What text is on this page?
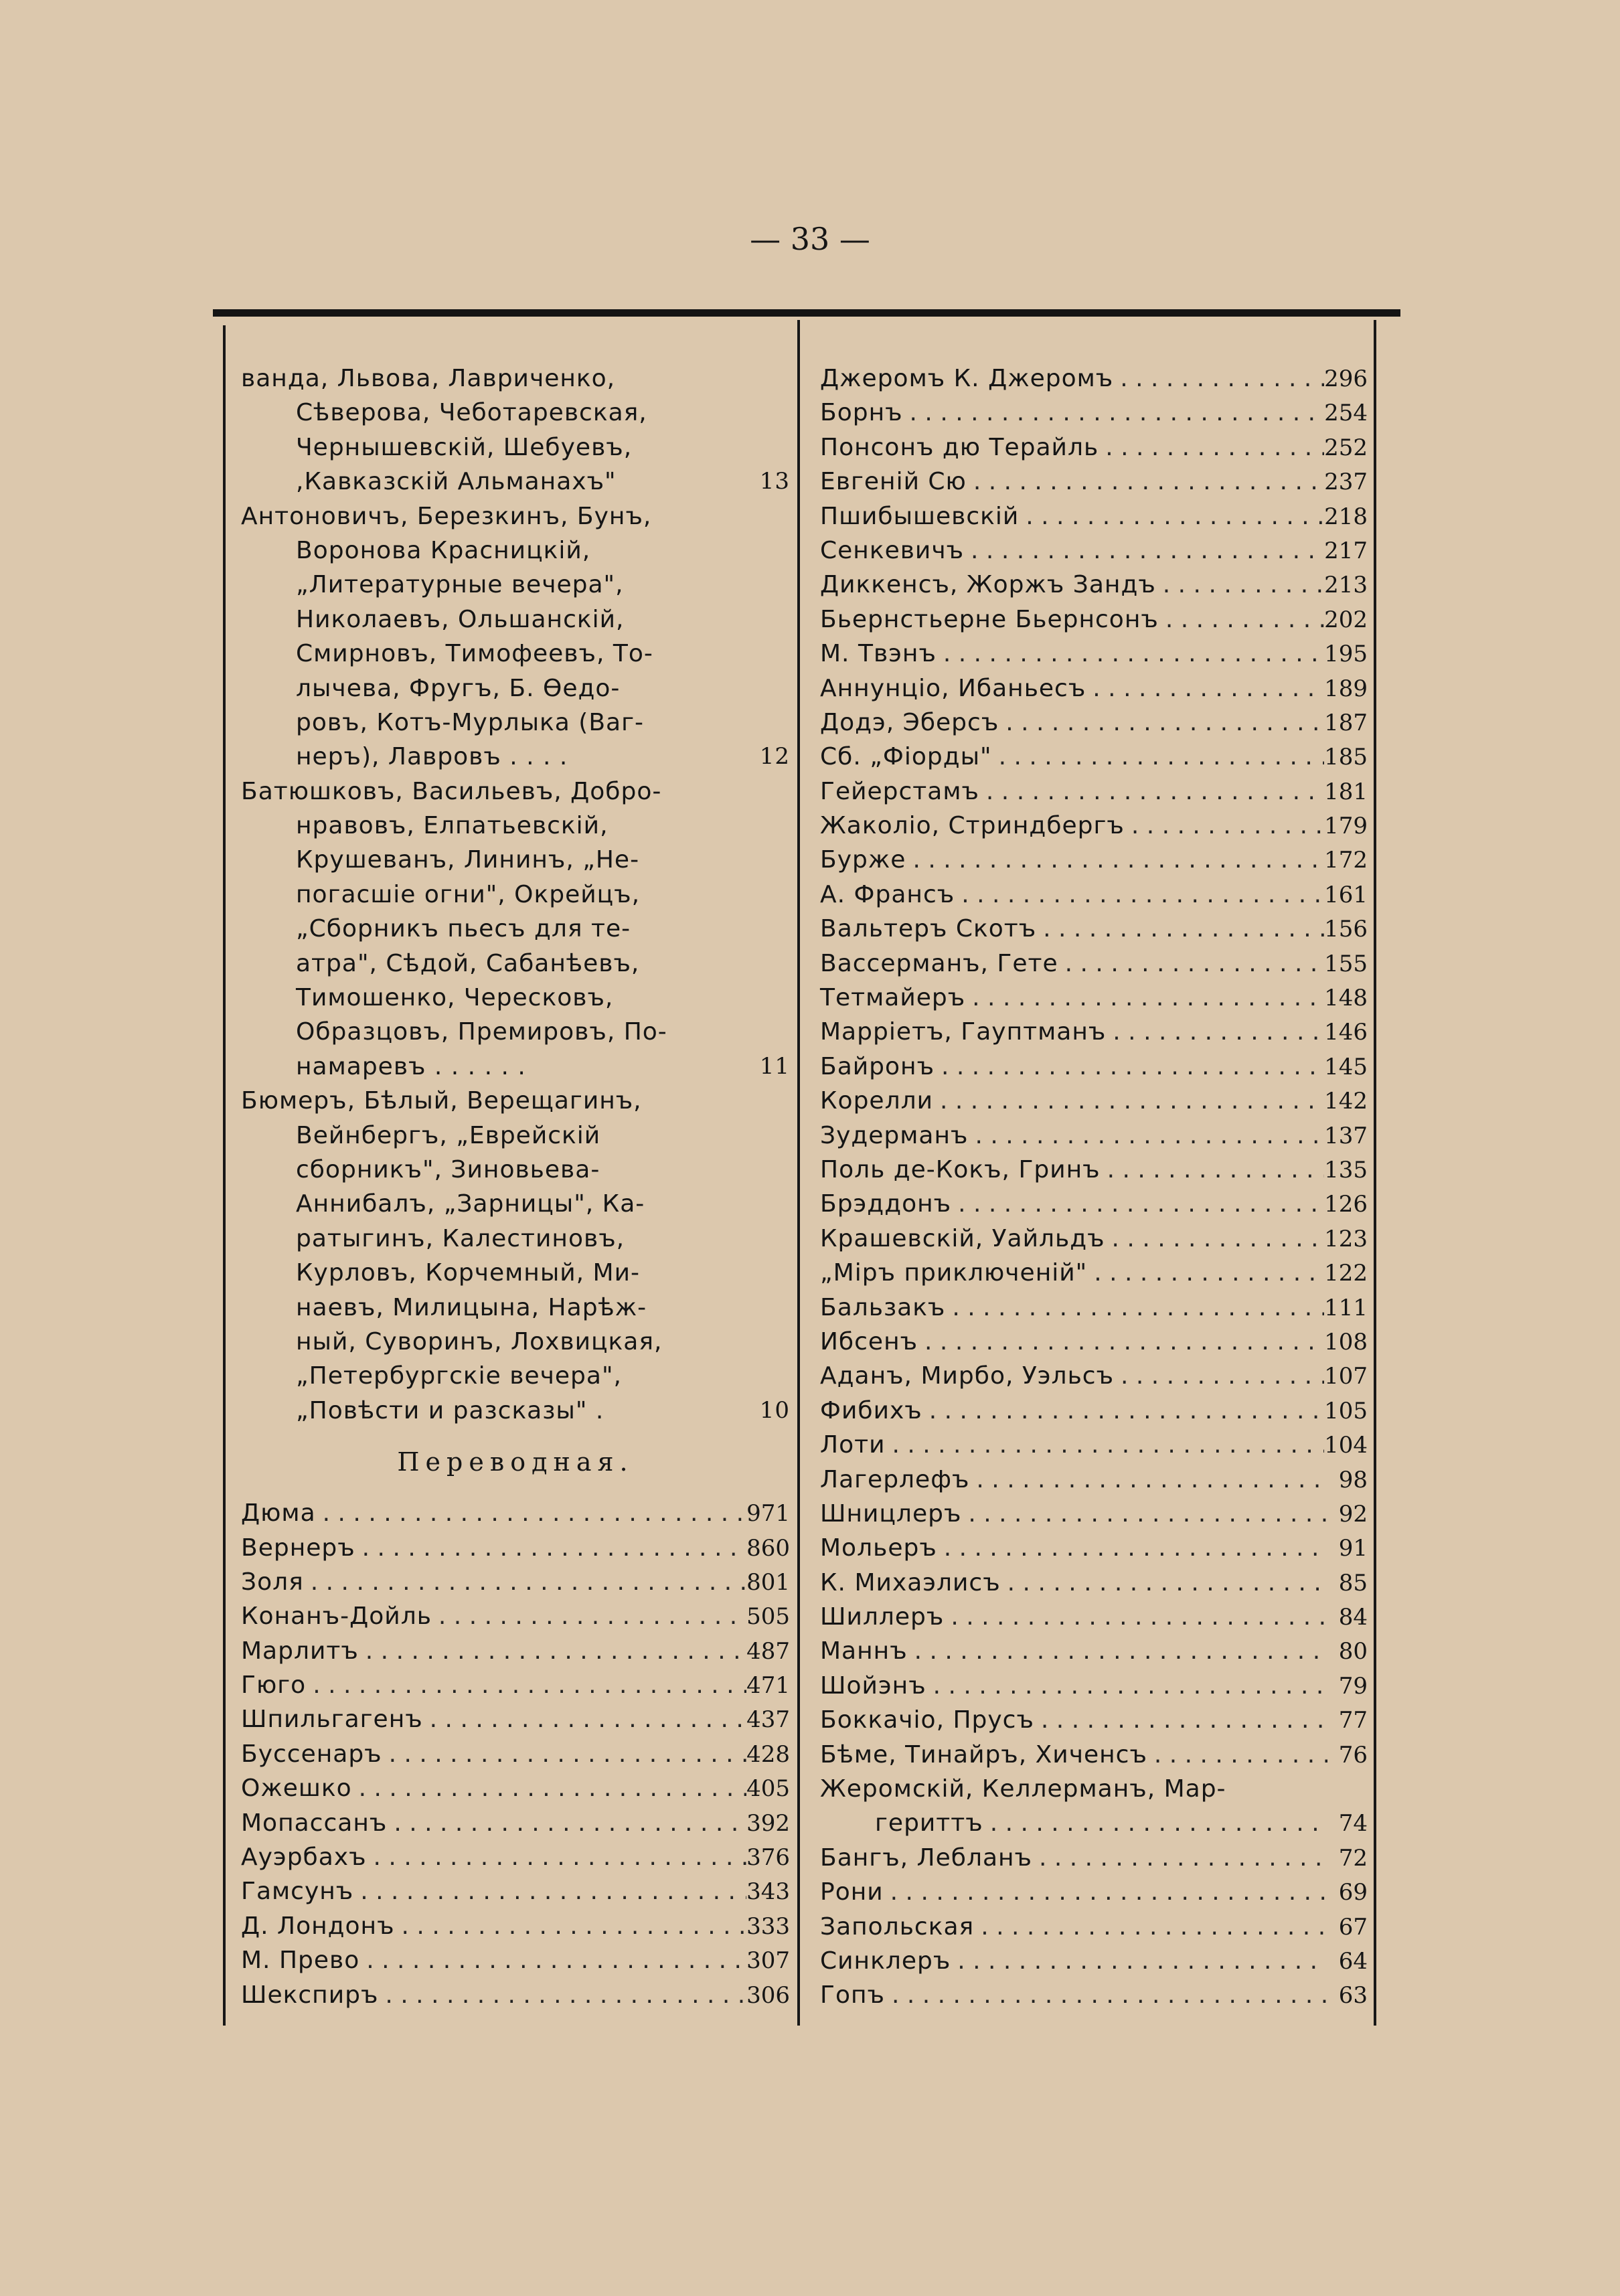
— 33 —
ванда, Львова, Лавриченко,
Сѣверова, Чеботаревская,
Чернышевскій, Шебуевъ,
,Кавказскій Альманахъ"	13
Антоновичъ, Березкинъ, Бунъ,
Воронова Красницкій,
„Литературные вечера",
Николаевъ, Ольшанскій,
Смирновъ, Тимофеевъ, То-
лычева, Фругъ, Б. Ѳедо-
ровъ, Котъ-Мурлыка (Ваг-
неръ), Лавровъ . . . .	12
Батюшковъ, Васильевъ, Добро-
нравовъ, Елпатьевскій,
Крушеванъ, Лининъ, „Не-
погасшіе огни", Окрейцъ,
„Сборникъ пьесъ для те-
атра", Сѣдой, Сабанѣевъ,
Тимошенко, Чересковъ,
Образцовъ, Премировъ, По-
намаревъ . . . . . .	11
Бюмеръ, Бѣлый, Верещагинъ,
Вейнбергъ, „Еврейскій
сборникъ", Зиновьева-
Аннибалъ, „Зарницы", Ка-
ратыгинъ, Калестиновъ,
Курловъ, Корчемный, Ми-
наевъ, Милицына, Нарѣж-
ный, Суворинъ, Лохвицкая,
„Петербургскіе вечера",
„Повѣсти и разсказы" .	10
Переводная.
Дюма . . .	971
Вернеръ . . .	860
Золя . . .	801
Конанъ-Дойль . . .	505
Марлитъ . . .	487
Гюго . . .	471
Шпильгагенъ . . .	437
Буссенаръ . . .	428
Ожешко . . .	405
Мопассанъ . . .	392
Ауэрбахъ . . .	376
Гамсунъ . . .	343
Д. Лондонъ . . .	333
М. Прево . . .	307
Шекспиръ . . .	306
Джеромъ К. Джеромъ . . .	296
Борнъ . . .	254
Понсонъ дю Терайль . . .	252
Евгеній Сю . . .	237
Пшибышевскій . . .	218
Сенкевичъ . . .	217
Диккенсъ, Жоржъ Зандъ . . .	213
Бьернстьерне Бьернсонъ . . .	202
М. Твэнъ . . .	195
Аннунціо, Ибаньесъ . . .	189
Додэ, Эберсъ . . .	187
Сб. „Фіорды" . . .	185
Гейерстамъ . . .	181
Жаколіо, Стриндбергъ . . .	179
Бурже . . .	172
А. Франсъ . . .	161
Вальтеръ Скотъ . . .	156
Вассерманъ, Гете . . .	155
Тетмайеръ . . .	148
Марріетъ, Гауптманъ . . .	146
Байронъ . . .	145
Корелли . . .	142
Зудерманъ . . .	137
Поль де-Кокъ, Гринъ . . .	135
Брэддонъ . . .	126
Крашевскій, Уайльдъ . . .	123
„Міръ приключеній" . . .	122
Бальзакъ . . .	111
Ибсенъ . . .	108
Аданъ, Мирбо, Уэльсъ . . .	107
Фибихъ . . .	105
Лоти . . .	104
Лагерлефъ . . .	98
Шницлеръ . . .	92
Мольеръ . . .	91
К. Михаэлисъ . . .	85
Шиллеръ . . .	84
Маннъ . . .	80
Шойэнъ . . .	79
Боккачіо, Прусъ . . .	77
Бѣме, Тинайръ, Хиченсъ . . .	76
Жеромскій, Келлерманъ, Мар-
гериттъ . . .	74
Бангъ, Лебланъ . . .	72
Рони . . .	69
Запольская . . .	67
Синклеръ . . .	64
Гопъ . . .	63
